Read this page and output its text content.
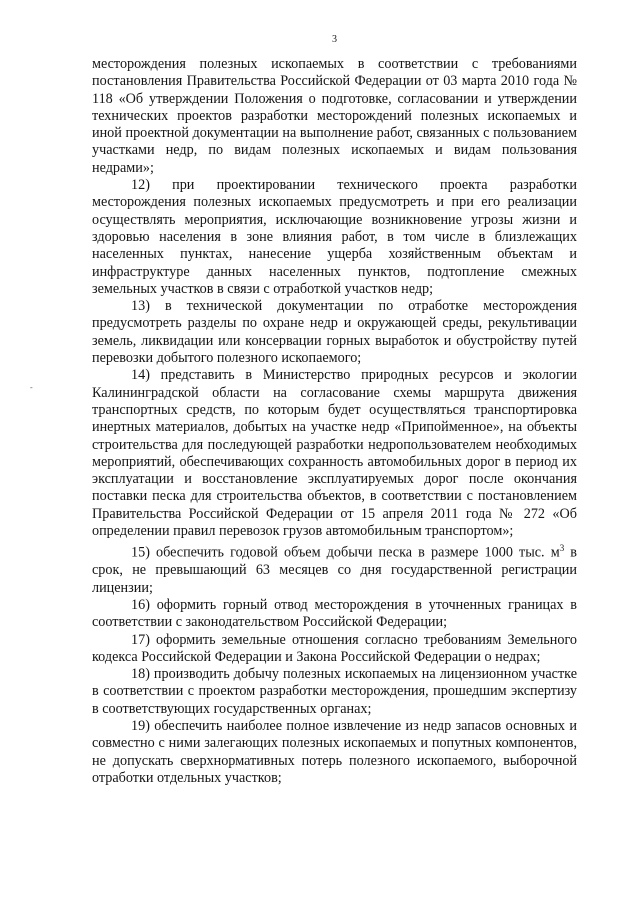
3
-

месторождения полезных ископаемых в соответствии с требованиями постановления Правительства Российской Федерации от 03 марта 2010 года № 118 «Об утверждении Положения о подготовке, согласовании и утверждении технических проектов разработки месторождений полезных ископаемых и иной проектной документации на выполнение работ, связанных с пользованием участками недр, по видам полезных ископаемых и видам пользования недрами»;

12) при проектировании технического проекта разработки месторождения полезных ископаемых предусмотреть и при его реализации осуществлять мероприятия, исключающие возникновение угрозы жизни и здоровью населения в зоне влияния работ, в том числе в близлежащих населенных пунктах, нанесение ущерба хозяйственным объектам и инфраструктуре данных населенных пунктов, подтопление смежных земельных участков в связи с отработкой участков недр;

13) в технической документации по отработке месторождения предусмотреть разделы по охране недр и окружающей среды, рекультивации земель, ликвидации или консервации горных выработок и обустройству путей перевозки добытого полезного ископаемого;

14) представить в Министерство природных ресурсов и экологии Калининградской области на согласование схемы маршрута движения транспортных средств, по которым будет осуществляться транспортировка инертных материалов, добытых на участке недр «Припойменное», на объекты строительства для последующей разработки недропользователем необходимых мероприятий, обеспечивающих сохранность автомобильных дорог в период их эксплуатации и восстановление эксплуатируемых дорог после окончания поставки песка для строительства объектов, в соответствии с постановлением Правительства Российской Федерации от 15 апреля 2011 года № 272 «Об определении правил перевозок грузов автомобильным транспортом»;

15) обеспечить годовой объем добычи песка в размере 1000 тыс. $м^3$ в срок, не превышающий 63 месяцев со дня государственной регистрации лицензии;

16) оформить горный отвод месторождения в уточненных границах в соответствии с законодательством Российской Федерации;

17) оформить земельные отношения согласно требованиям Земельного кодекса Российской Федерации и Закона Российской Федерации о недрах;

18) производить добычу полезных ископаемых на лицензионном участке в соответствии с проектом разработки месторождения, прошедшим экспертизу в соответствующих государственных органах;

19) обеспечить наиболее полное извлечение из недр запасов основных и совместно с ними залегающих полезных ископаемых и попутных компонентов, не допускать сверхнормативных потерь полезного ископаемого, выборочной отработки отдельных участков;
